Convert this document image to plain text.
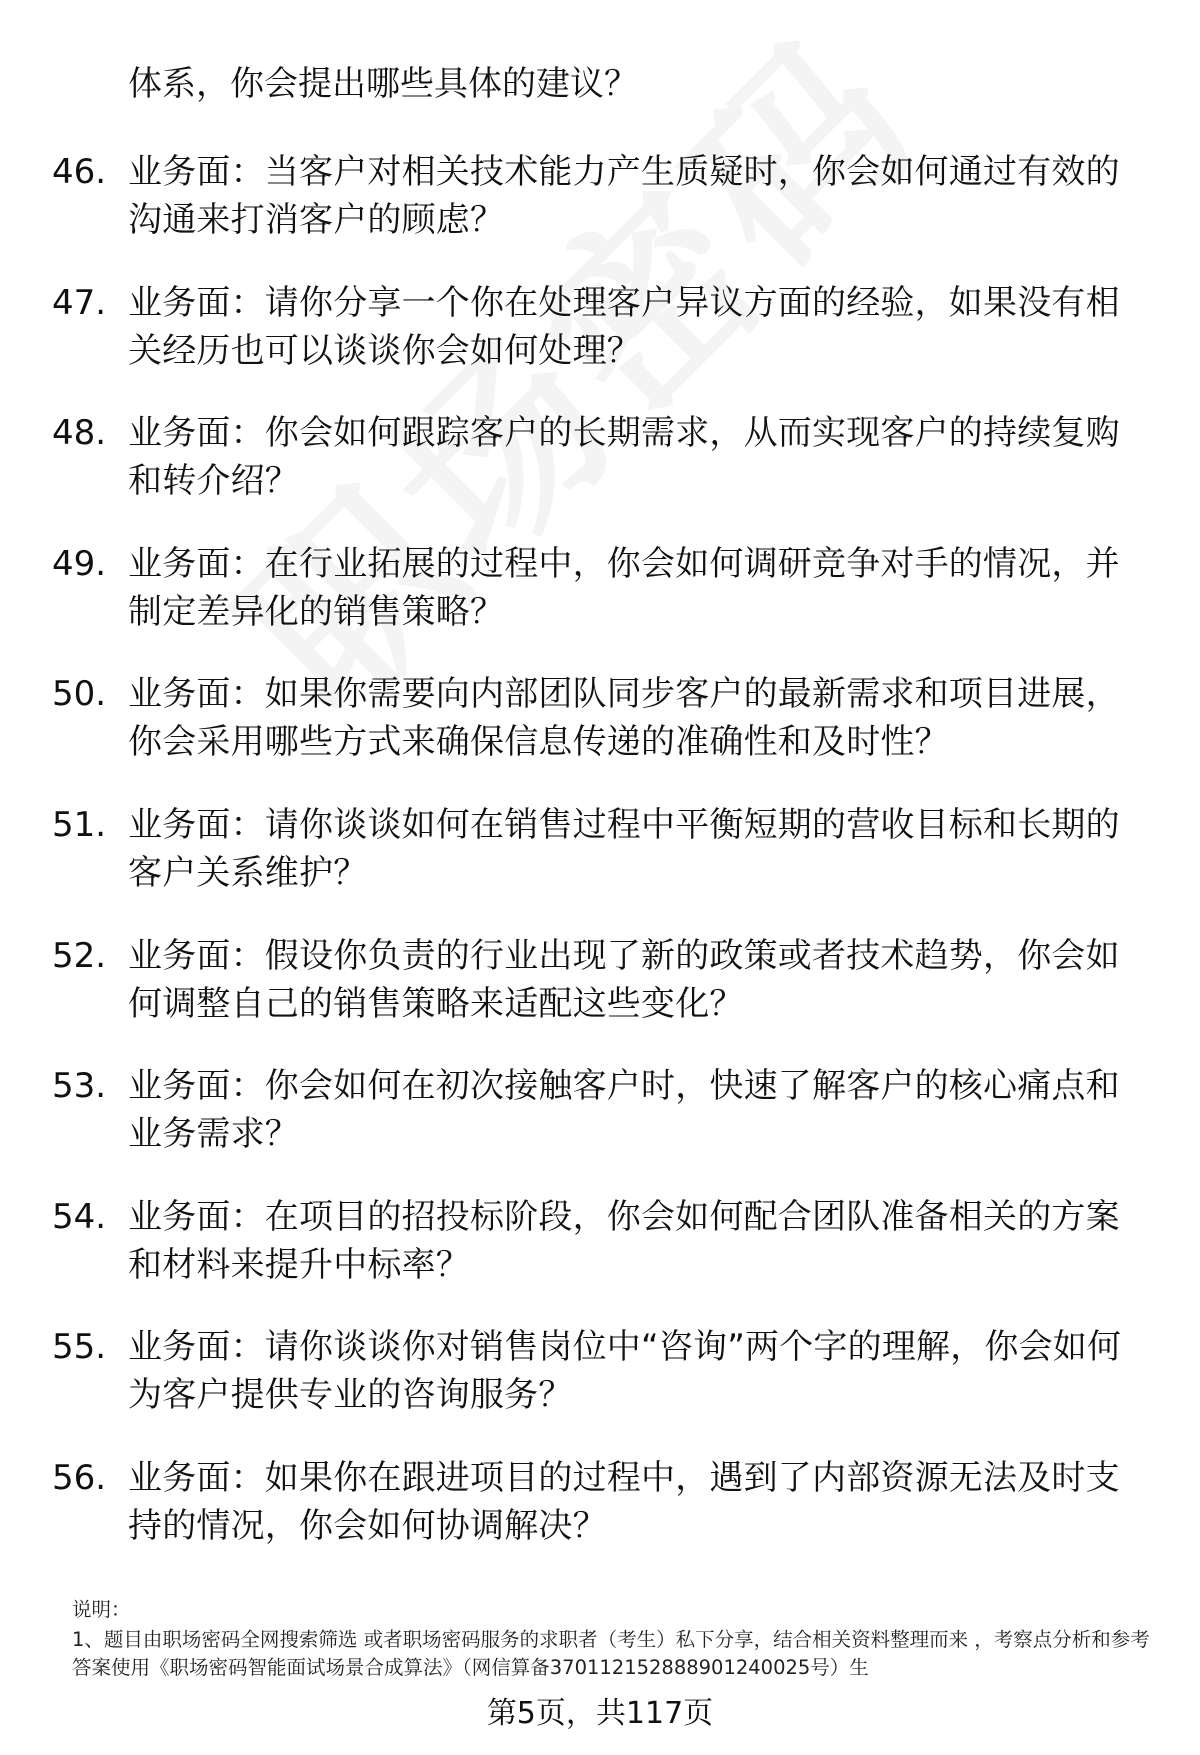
体系，你会提出哪些具体的建议？
46. 业务面：当客户对相关技术能力产生质疑时，你会如何通过有效的沟通来打消客户的顾虑？
47. 业务面：请你分享一个你在处理客户异议方面的经验，如果没有相关经历也可以谈谈你会如何处理？
48. 业务面：你会如何跟踪客户的长期需求，从而实现客户的持续复购和转介绍？
49. 业务面：在行业拓展的过程中，你会如何调研竞争对手的情况，并制定差异化的销售策略？
50. 业务面：如果你需要向内部团队同步客户的最新需求和项目进展，你会采用哪些方式来确保信息传递的准确性和及时性？
51. 业务面：请你谈谈如何在销售过程中平衡短期的营收目标和长期的客户关系维护？
52. 业务面：假设你负责的行业出现了新的政策或者技术趋势，你会如何调整自己的销售策略来适配这些变化？
53. 业务面：你会如何在初次接触客户时，快速了解客户的核心痛点和业务需求？
54. 业务面：在项目的招投标阶段，你会如何配合团队准备相关的方案和材料来提升中标率？
55. 业务面：请你谈谈你对销售岗位中“咨询”两个字的理解，你会如何为客户提供专业的咨询服务？
56. 业务面：如果你在跟进项目的过程中，遇到了内部资源无法及时支持的情况，你会如何协调解决？
说明：
1、题目由职场密码全网搜索筛选 或者职场密码服务的求职者（考生）私下分享，结合相关资料整理而来 ，考察点分析和参考答案使用《职场密码智能面试场景合成算法》（网信算备370112152888901240025号）生
第5页，共117页
